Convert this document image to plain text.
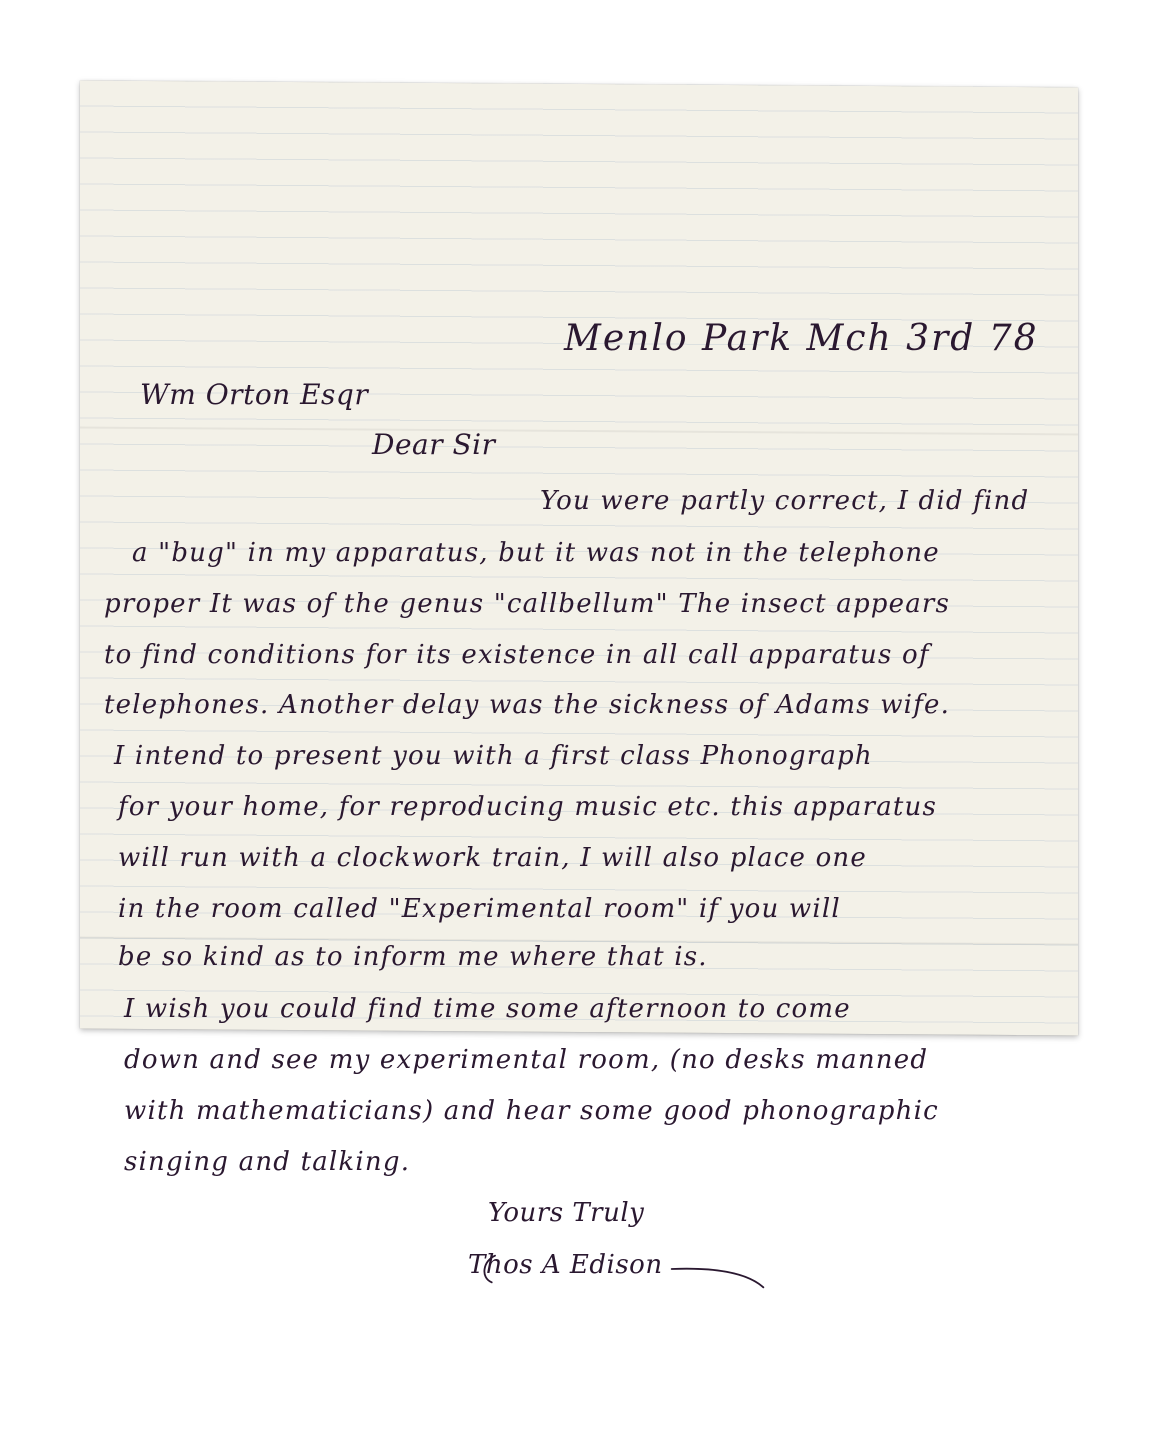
Menlo Park Mch 3rd 78
Wm Orton Esqr
Dear Sir
You were partly correct, I did find
a "bug" in my apparatus, but it was not in the telephone
proper It was of the genus "callbellum" The insect appears
to find conditions for its existence in all call apparatus of
telephones. Another delay was the sickness of Adams wife.
I intend to present you with a first class Phonograph
for your home, for reproducing music etc. this apparatus
will run with a clockwork train, I will also place one
in the room called "Experimental room" if you will
be so kind as to inform me where that is.
I wish you could find time some afternoon to come
down and see my experimental room, (no desks manned
with mathematicians) and hear some good phonographic
singing and talking.
Yours Truly
Thos A Edison
